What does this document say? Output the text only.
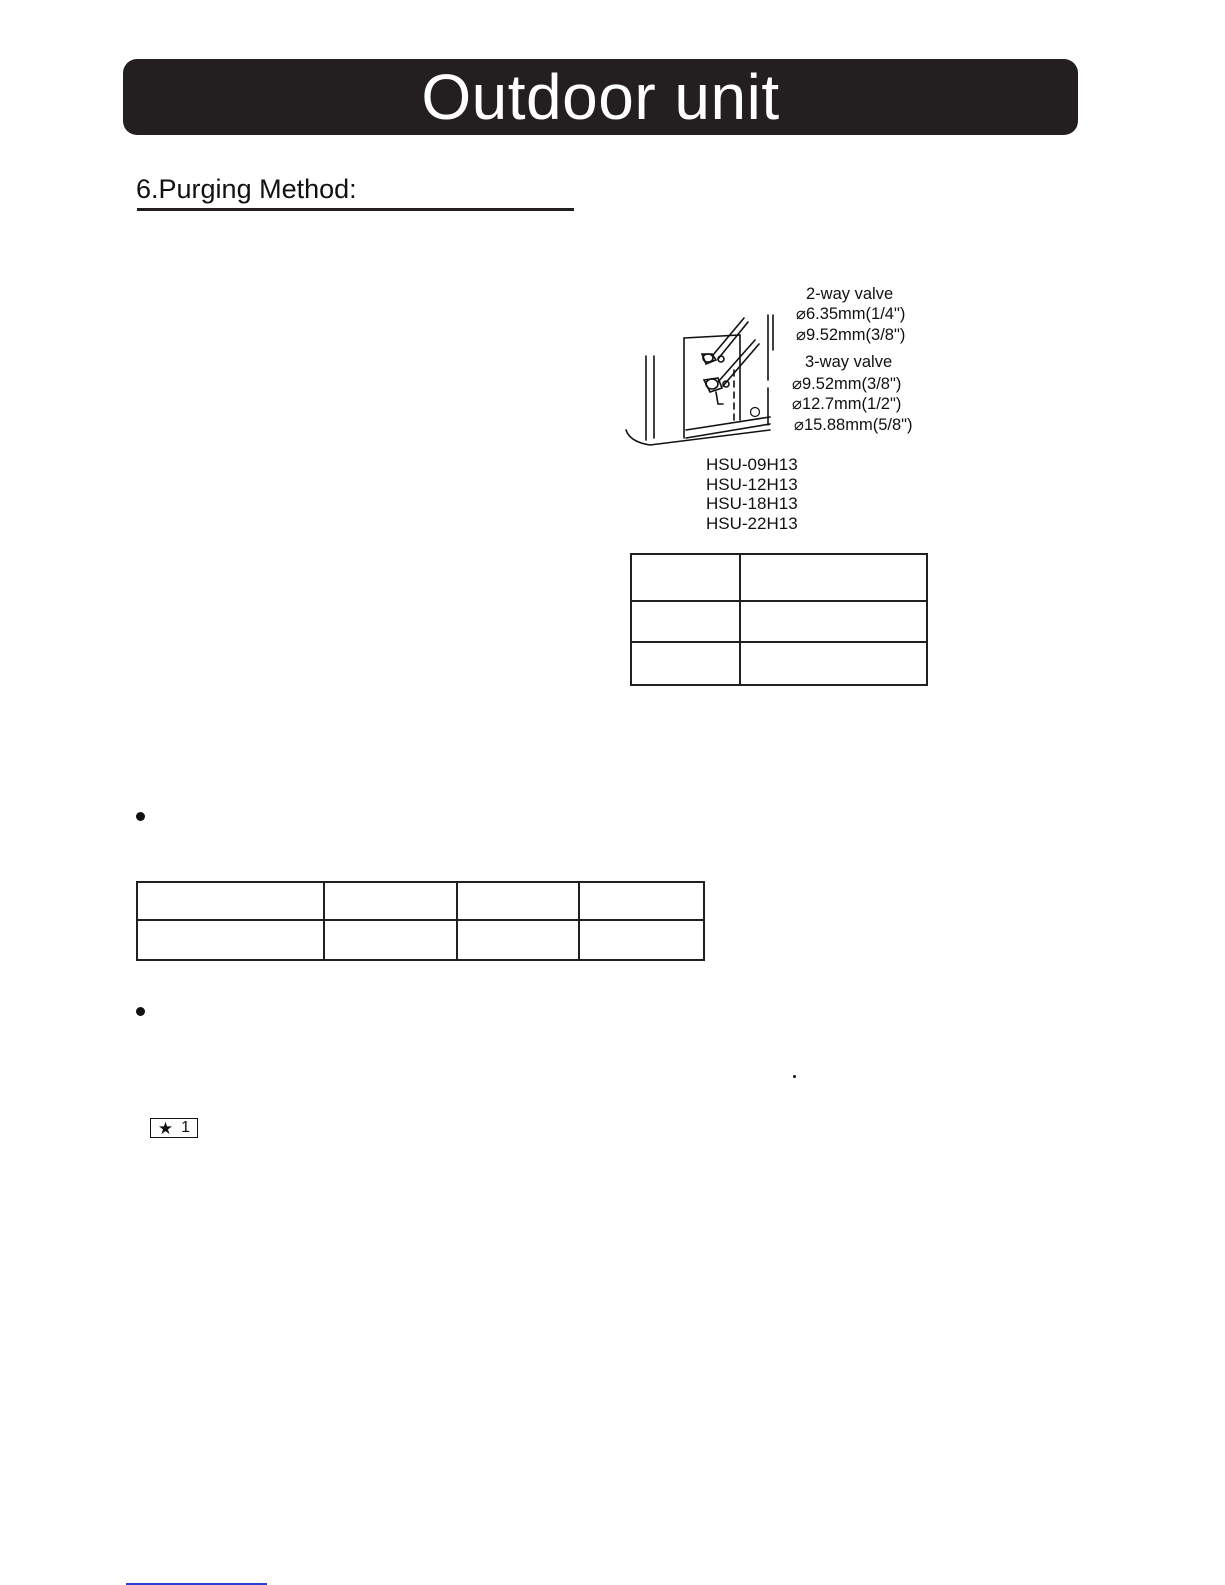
Outdoor unit
6.Purging Method:
2-way valve
⌀6.35mm(1/4")
⌀9.52mm(3/8")
3-way valve
⌀9.52mm(3/8")
⌀12.7mm(1/2")
⌀15.88mm(5/8")
HSU-09H13
HSU-12H13
HSU-18H13
HSU-22H13

★ 1
